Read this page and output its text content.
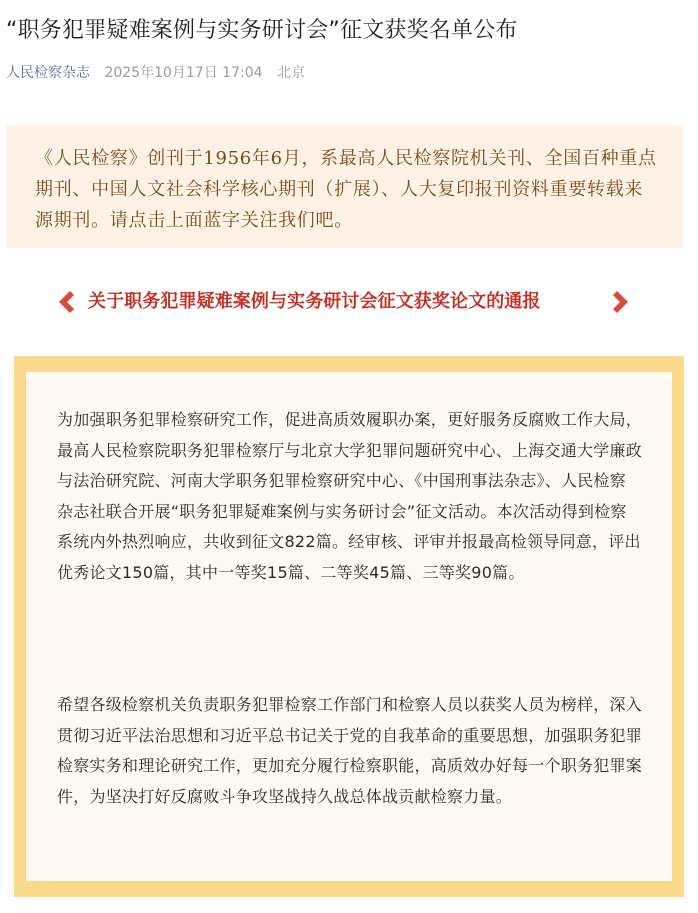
“职务犯罪疑难案例与实务研讨会”征文获奖名单公布
人民检察杂志 2025年10月17日 17:04 北京
《人民检察》创刊于1956年6月，系最高人民检察院机关刊、全国百种重点期刊、中国人文社会科学核心期刊（扩展）、人大复印报刊资料重要转载来源期刊。请点击上面蓝字关注我们吧。
关于职务犯罪疑难案例与实务研讨会征文获奖论文的通报
为加强职务犯罪检察研究工作，促进高质效履职办案，更好服务反腐败工作大局，最高人民检察院职务犯罪检察厅与北京大学犯罪问题研究中心、上海交通大学廉政与法治研究院、河南大学职务犯罪检察研究中心、《中国刑事法杂志》、人民检察杂志社联合开展“职务犯罪疑难案例与实务研讨会”征文活动。本次活动得到检察系统内外热烈响应，共收到征文822篇。经审核、评审并报最高检领导同意，评出优秀论文150篇，其中一等奖15篇、二等奖45篇、三等奖90篇。
希望各级检察机关负责职务犯罪检察工作部门和检察人员以获奖人员为榜样，深入贯彻习近平法治思想和习近平总书记关于党的自我革命的重要思想，加强职务犯罪检察实务和理论研究工作，更加充分履行检察职能，高质效办好每一个职务犯罪案件，为坚决打好反腐败斗争攻坚战持久战总体战贡献检察力量。
